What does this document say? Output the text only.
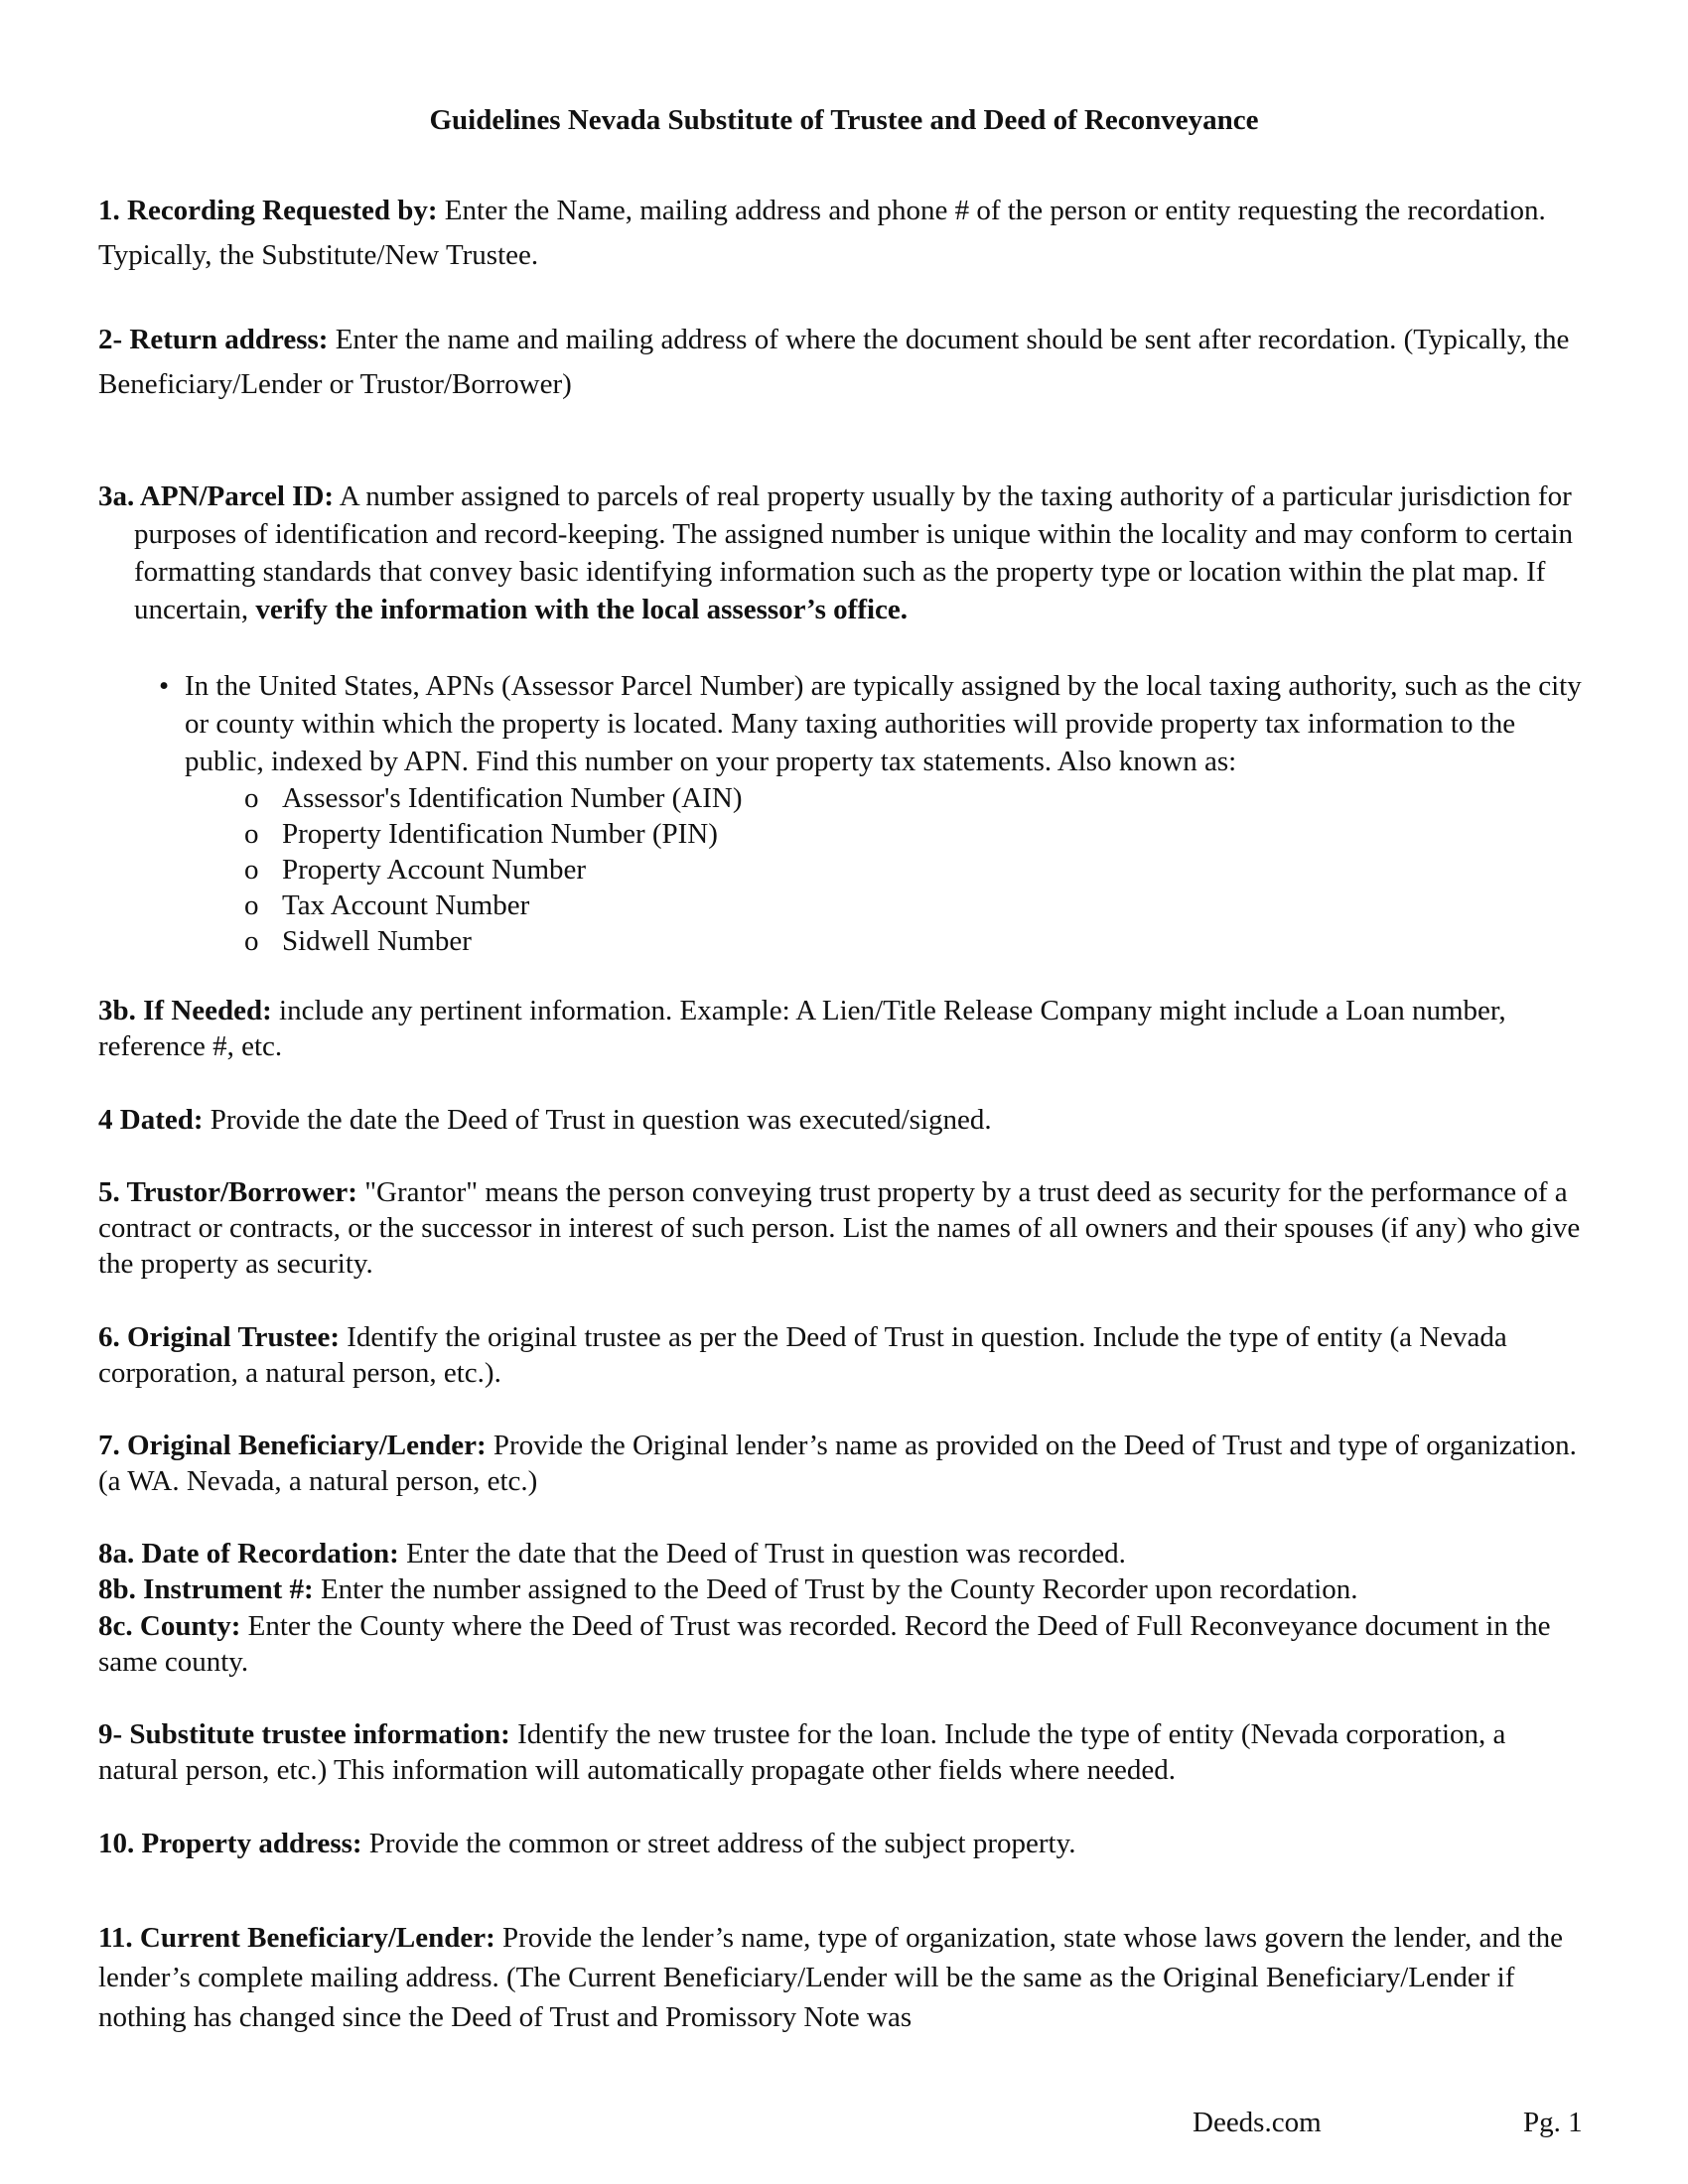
Guidelines Nevada Substitute of Trustee and Deed of Reconveyance

1. Recording Requested by: Enter the Name, mailing address and phone # of the person or entity requesting the recordation. Typically, the Substitute/New Trustee.

2- Return address: Enter the name and mailing address of where the document should be sent after recordation. (Typically, the Beneficiary/Lender or Trustor/Borrower)

3a. APN/Parcel ID: A number assigned to parcels of real property usually by the taxing authority of a particular jurisdiction for purposes of identification and record-keeping. The assigned number is unique within the locality and may conform to certain formatting standards that convey basic identifying information such as the property type or location within the plat map. If uncertain, verify the information with the local assessor’s office.

• In the United States, APNs (Assessor Parcel Number) are typically assigned by the local taxing authority, such as the city or county within which the property is located. Many taxing authorities will provide property tax information to the public, indexed by APN. Find this number on your property tax statements. Also known as:
o Assessor's Identification Number (AIN)
o Property Identification Number (PIN)
o Property Account Number
o Tax Account Number
o Sidwell Number

3b. If Needed: include any pertinent information. Example: A Lien/Title Release Company might include a Loan number, reference #, etc.

4 Dated: Provide the date the Deed of Trust in question was executed/signed.

5. Trustor/Borrower: "Grantor" means the person conveying trust property by a trust deed as security for the performance of a contract or contracts, or the successor in interest of such person. List the names of all owners and their spouses (if any) who give the property as security.

6. Original Trustee: Identify the original trustee as per the Deed of Trust in question. Include the type of entity (a Nevada corporation, a natural person, etc.).

7. Original Beneficiary/Lender: Provide the Original lender’s name as provided on the Deed of Trust and type of organization. (a WA. Nevada, a natural person, etc.)

8a. Date of Recordation: Enter the date that the Deed of Trust in question was recorded.

8b. Instrument #: Enter the number assigned to the Deed of Trust by the County Recorder upon recordation.

8c. County: Enter the County where the Deed of Trust was recorded. Record the Deed of Full Reconveyance document in the same county.

9- Substitute trustee information: Identify the new trustee for the loan. Include the type of entity (Nevada corporation, a natural person, etc.) This information will automatically propagate other fields where needed.

10. Property address: Provide the common or street address of the subject property.

11. Current Beneficiary/Lender: Provide the lender’s name, type of organization, state whose laws govern the lender, and the lender’s complete mailing address. (The Current Beneficiary/Lender will be the same as the Original Beneficiary/Lender if nothing has changed since the Deed of Trust and Promissory Note was

Deeds.com	Pg. 1
